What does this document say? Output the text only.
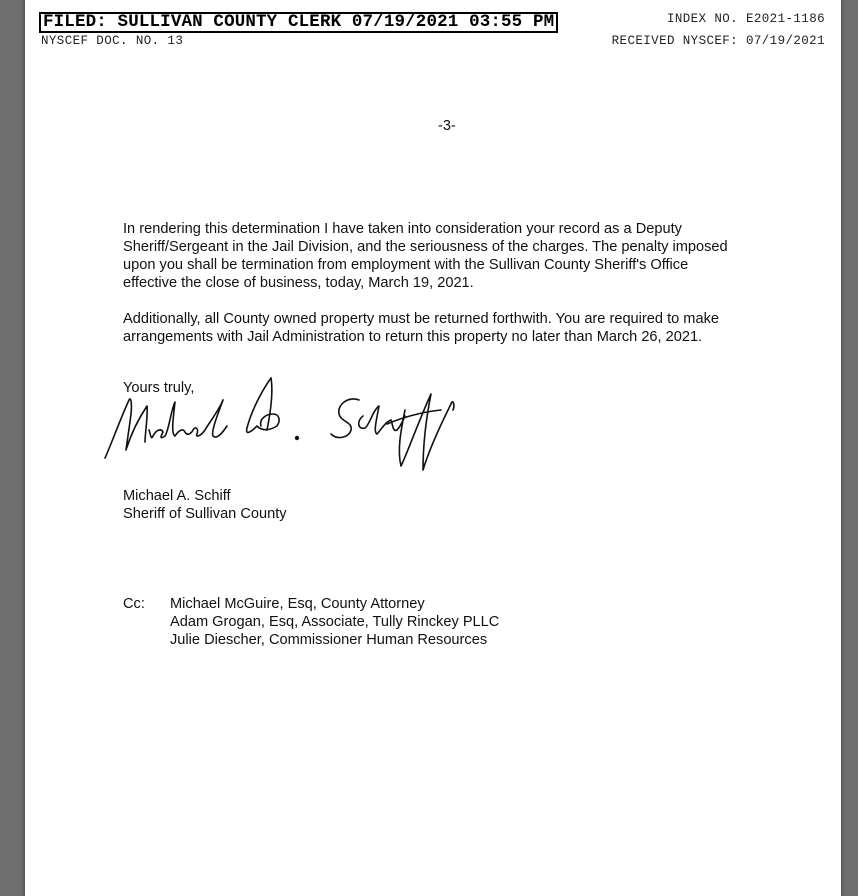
FILED: SULLIVAN COUNTY CLERK 07/19/2021 03:55 PM	INDEX NO. E2021-1186
NYSCEF DOC. NO. 13	RECEIVED NYSCEF: 07/19/2021
-3-
In rendering this determination I have taken into consideration your record as a Deputy Sheriff/Sergeant in the Jail Division, and the seriousness of the charges. The penalty imposed upon you shall be termination from employment with the Sullivan County Sheriff's Office effective the close of business, today, March 19, 2021.
Additionally, all County owned property must be returned forthwith. You are required to make arrangements with Jail Administration to return this property no later than March 26, 2021.
Yours truly,
Michael A. Schiff
Sheriff of Sullivan County
Cc: Michael McGuire, Esq, County Attorney
Adam Grogan, Esq, Associate, Tully Rinckey PLLC
Julie Diescher, Commissioner Human Resources
